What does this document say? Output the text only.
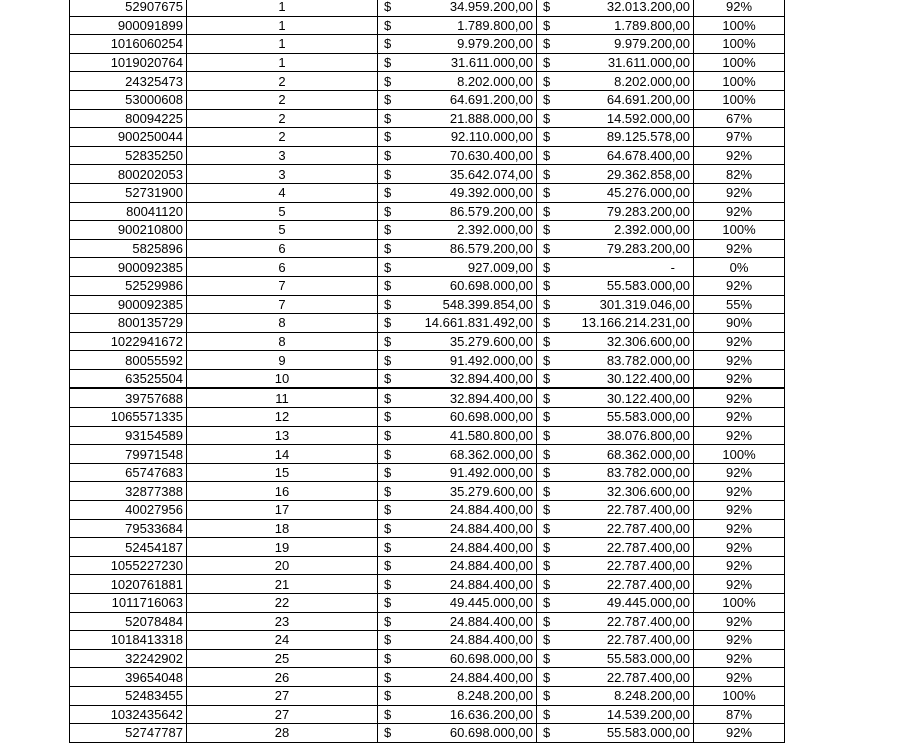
52907675	1	$	34.959.200,00	$	32.013.200,00	92%
900091899	1	$	1.789.800,00	$	1.789.800,00	100%
1016060254	1	$	9.979.200,00	$	9.979.200,00	100%
1019020764	1	$	31.611.000,00	$	31.611.000,00	100%
24325473	2	$	8.202.000,00	$	8.202.000,00	100%
53000608	2	$	64.691.200,00	$	64.691.200,00	100%
80094225	2	$	21.888.000,00	$	14.592.000,00	67%
900250044	2	$	92.110.000,00	$	89.125.578,00	97%
52835250	3	$	70.630.400,00	$	64.678.400,00	92%
800202053	3	$	35.642.074,00	$	29.362.858,00	82%
52731900	4	$	49.392.000,00	$	45.276.000,00	92%
80041120	5	$	86.579.200,00	$	79.283.200,00	92%
900210800	5	$	2.392.000,00	$	2.392.000,00	100%
5825896	6	$	86.579.200,00	$	79.283.200,00	92%
900092385	6	$	927.009,00	$	-	0%
52529986	7	$	60.698.000,00	$	55.583.000,00	92%
900092385	7	$	548.399.854,00	$	301.319.046,00	55%
800135729	8	$	14.661.831.492,00	$	13.166.214.231,00	90%
1022941672	8	$	35.279.600,00	$	32.306.600,00	92%
80055592	9	$	91.492.000,00	$	83.782.000,00	92%
63525504	10	$	32.894.400,00	$	30.122.400,00	92%
39757688	11	$	32.894.400,00	$	30.122.400,00	92%
1065571335	12	$	60.698.000,00	$	55.583.000,00	92%
93154589	13	$	41.580.800,00	$	38.076.800,00	92%
79971548	14	$	68.362.000,00	$	68.362.000,00	100%
65747683	15	$	91.492.000,00	$	83.782.000,00	92%
32877388	16	$	35.279.600,00	$	32.306.600,00	92%
40027956	17	$	24.884.400,00	$	22.787.400,00	92%
79533684	18	$	24.884.400,00	$	22.787.400,00	92%
52454187	19	$	24.884.400,00	$	22.787.400,00	92%
1055227230	20	$	24.884.400,00	$	22.787.400,00	92%
1020761881	21	$	24.884.400,00	$	22.787.400,00	92%
1011716063	22	$	49.445.000,00	$	49.445.000,00	100%
52078484	23	$	24.884.400,00	$	22.787.400,00	92%
1018413318	24	$	24.884.400,00	$	22.787.400,00	92%
32242902	25	$	60.698.000,00	$	55.583.000,00	92%
39654048	26	$	24.884.400,00	$	22.787.400,00	92%
52483455	27	$	8.248.200,00	$	8.248.200,00	100%
1032435642	27	$	16.636.200,00	$	14.539.200,00	87%
52747787	28	$	60.698.000,00	$	55.583.000,00	92%
